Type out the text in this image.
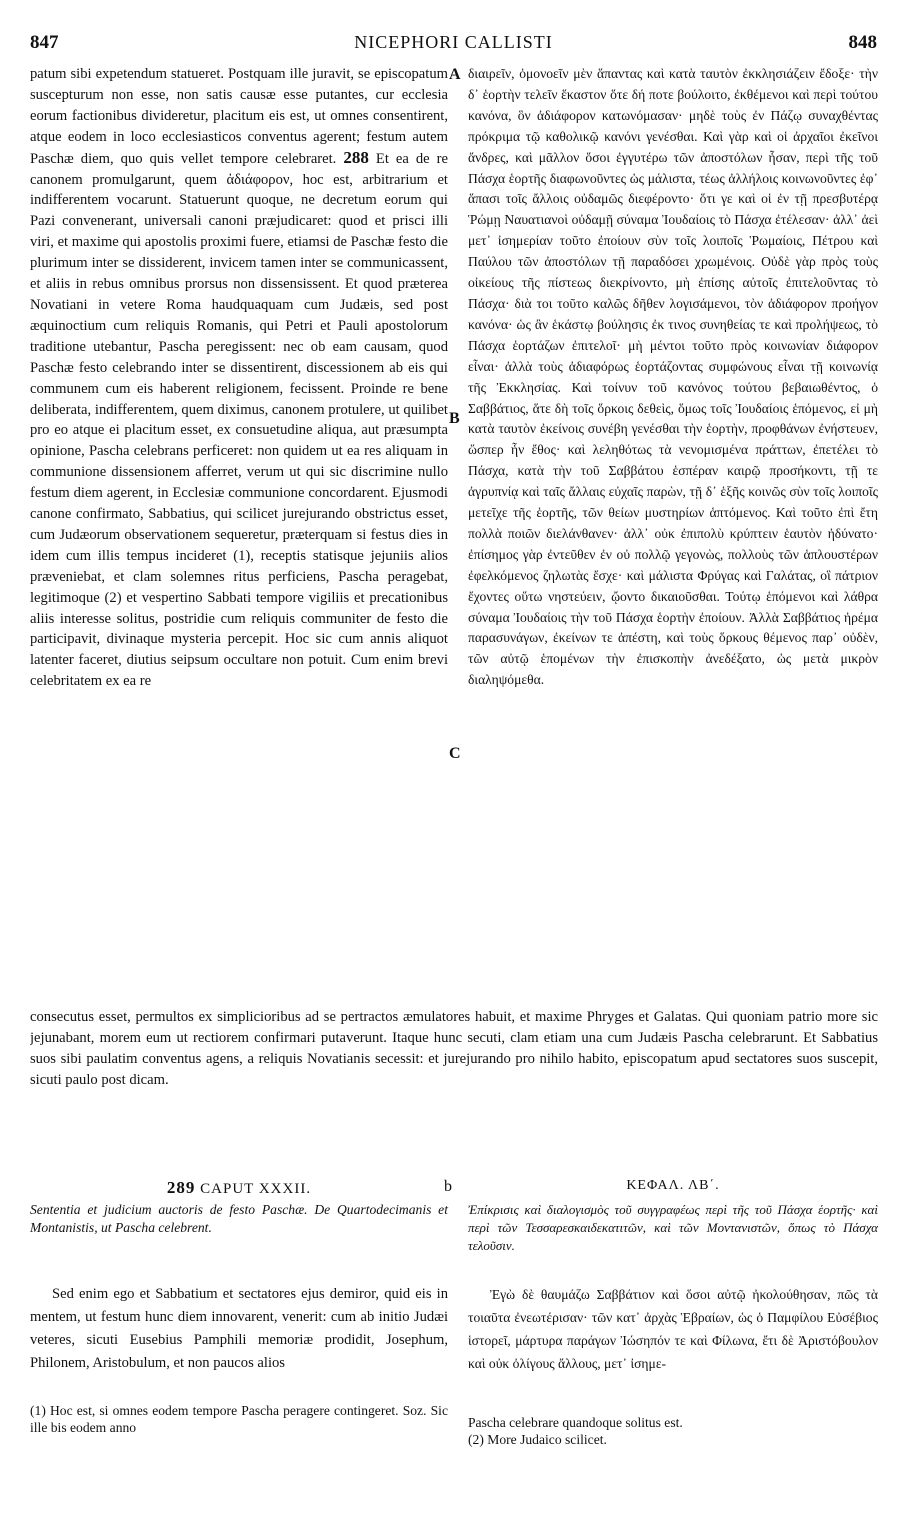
847	NICEPHORI CALLISTI	848

patum sibi expetendum statueret. Postquam ille juravit, se episcopatum suscepturum non esse, non satis causæ esse putantes, cur ecclesia eorum factionibus divideretur, placitum eis est, ut omnes consentirent, atque eodem in loco ecclesiasticos conventus agerent; festum autem Paschæ diem, quo quis vellet tempore celebraret. 288 Et ea de re canonem promulgarunt, quem ἀδιάφορον, hoc est, arbitrarium et indifferentem vocarunt. Statuerunt quoque, ne decretum eorum qui Pazi convenerant, universali canoni præjudicaret: quod et prisci illi viri, et maxime qui apostolis proximi fuere, etiamsi de Paschæ festo die plurimum inter se dissiderent, invicem tamen inter se communicassent, et aliis in rebus omnibus prorsus non dissensissent. Et quod præterea Novatiani in vetere Roma haudquaquam cum Judæis, sed post æquinoctium cum reliquis Romanis, qui Petri et Pauli apostolorum traditione utebantur, Pascha peregissent: nec ob eam causam, quod Paschæ festo celebrando inter se dissentirent, discessionem ab eis qui communem cum eis haberent religionem, fecissent. Proinde re bene deliberata, indifferentem, quem diximus, canonem protulere, ut quilibet pro eo atque ei placitum esset, ex consuetudine aliqua, aut præsumpta opinione, Pascha celebrans perficeret: non quidem ut ea res aliquam in communione dissensionem afferret, verum ut qui sic discrimine nullo festum diem agerent, in Ecclesiæ communione concordarent. Ejusmodi canone confirmato, Sabbatius, qui scilicet jurejurando obstrictus esset, cum Judæorum observationem sequeretur, præterquam si festus dies in idem cum illis tempus incideret (1), receptis statisque jejuniis alios præveniebat, et clam solemnes ritus perficiens, Pascha peragebat, legitimoque (2) et vespertino Sabbati tempore vigiliis et precationibus aliis interesse solitus, postridie cum reliquis communiter de festo die participavit, divinaque mysteria percepit. Hoc sic cum annis aliquot latenter faceret, diutius seipsum occultare non potuit. Cum enim brevi celebritatem ex ea re

A
B
C

διαιρεῖν, ὁμονοεῖν μὲν ἅπαντας καὶ κατὰ ταυτὸν ἐκκλησιάζειν ἔδοξε· τὴν δ᾽ ἑορτὴν τελεῖν ἕκαστον ὅτε δή ποτε βούλοιτο, ἐκθέμενοι καὶ περὶ τούτου κανόνα, ὃν ἀδιάφορον κατωνόμασαν· μηδὲ τοὺς ἐν Πάζῳ συναχθέντας πρόκριμα τῷ καθολικῷ κανόνι γενέσθαι. Καὶ γὰρ καὶ οἱ ἀρχαῖοι ἐκεῖνοι ἄνδρες, καὶ μᾶλλον ὅσοι ἐγγυτέρω τῶν ἀποστόλων ἦσαν, περὶ τῆς τοῦ Πάσχα ἑορτῆς διαφωνοῦντες ὡς μάλιστα, τέως ἀλλήλοις κοινωνοῦντες ἐφ᾽ ἅπασι τοῖς ἄλλοις οὐδαμῶς διεφέροντο· ὅτι γε καὶ οἱ ἐν τῇ πρεσβυτέρᾳ Ῥώμῃ Ναυατιανοὶ οὐδαμῇ σύναμα Ἰουδαίοις τὸ Πάσχα ἐτέλεσαν· ἀλλ᾽ ἀεὶ μετ᾽ ἰσημερίαν τοῦτο ἐποίουν σὺν τοῖς λοιποῖς Ῥωμαίοις, Πέτρου καὶ Παύλου τῶν ἀποστόλων τῇ παραδόσει χρωμένοις. Οὐδὲ γὰρ πρὸς τοὺς οἰκείους τῆς πίστεως διεκρίνοντο, μὴ ἐπίσης αὐτοῖς ἐπιτελοῦντας τὸ Πάσχα· διὰ τοι τοῦτο καλῶς δῆθεν λογισάμενοι, τὸν ἀδιάφορον προήγον κανόνα· ὡς ἂν ἑκάστῳ βούλησις ἐκ τινος συνηθείας τε καὶ προλήψεως, τὸ Πάσχα ἑορτάζων ἐπιτελοῖ· μὴ μέντοι τοῦτο πρὸς κοινωνίαν διάφορον εἶναι· ἀλλὰ τοὺς ἀδιαφόρως ἑορτάζοντας συμφώνους εἶναι τῇ κοινωνίᾳ τῆς Ἐκκλησίας. Καὶ τοίνυν τοῦ κανόνος τούτου βεβαιωθέντος, ὁ Σαββάτιος, ἅτε δὴ τοῖς ὅρκοις δεθεὶς, ὅμως τοῖς Ἰουδαίοις ἑπόμενος, εἰ μὴ κατὰ ταυτὸν ἐκείνοις συνέβη γενέσθαι τὴν ἑορτὴν, προφθάνων ἐνήστευεν, ὥσπερ ἦν ἔθος· καὶ λεληθότως τὰ νενομισμένα πράττων, ἐπετέλει τὸ Πάσχα, κατὰ τὴν τοῦ Σαββάτου ἑσπέραν καιρῷ προσήκοντι, τῇ τε ἀγρυπνίᾳ καὶ ταῖς ἄλλαις εὐχαῖς παρὼν, τῇ δ᾽ ἑξῆς κοινῶς σὺν τοῖς λοιποῖς μετεῖχε τῆς ἑορτῆς, τῶν θείων μυστηρίων ἁπτόμενος. Καὶ τοῦτο ἐπὶ ἔτη πολλὰ ποιῶν διελάνθανεν· ἀλλ᾽ οὐκ ἐπιπολὺ κρύπτειν ἑαυτὸν ἠδύνατο· ἐπίσημος γὰρ ἐντεῦθεν ἐν οὐ πολλῷ γεγονὼς, πολλοὺς τῶν ἁπλουστέρων ἐφελκόμενος ζηλωτὰς ἔσχε· καὶ μάλιστα Φρύγας καὶ Γαλάτας, οἳ πάτριον ἔχοντες οὕτω νηστεύειν, ᾤοντο δικαιοῦσθαι. Τούτῳ ἑπόμενοι καὶ λάθρα σύναμα Ἰουδαίοις τὴν τοῦ Πάσχα ἑορτὴν ἐποίουν. Ἀλλὰ Σαββάτιος ἠρέμα παρασυνάγων, ἐκείνων τε ἀπέστη, καὶ τοὺς ὅρκους θέμενος παρ᾽ οὐδὲν, τῶν αὐτῷ ἑπομένων τὴν ἐπισκοπὴν ἀνεδέξατο, ὡς μετὰ μικρὸν διαληψόμεθα.

consecutus esset, permultos ex simplicioribus ad se pertractos æmulatores habuit, et maxime Phryges et Galatas. Qui quoniam patrio more sic jejunabant, morem eum ut rectiorem confirmari putaverunt. Itaque hunc secuti, clam etiam una cum Judæis Pascha celebrarunt. Et Sabbatius suos sibi paulatim conventus agens, a reliquis Novatianis secessit: et jurejurando pro nihilo habito, episcopatum apud sectatores suos suscepit, sicuti paulo post dicam.

289 CAPUT XXXII.	b	ΚΕΦΑΛ. ΛΒ΄.
Sententia et judicium auctoris de festo Paschæ. De Quartodecimanis et Montanistis, ut Pascha celebrent.
Ἐπίκρισις καὶ διαλογισμὸς τοῦ συγγραφέως περὶ τῆς τοῦ Πάσχα ἑορτῆς· καὶ περὶ τῶν Τεσσαρεσκαιδεκατιτῶν, καὶ τῶν Μοντανιστῶν, ὅπως τὸ Πάσχα τελοῦσιν.
Sed enim ego et Sabbatium et sectatores ejus demiror, quid eis in mentem, ut festum hunc diem innovarent, venerit: cum ab initio Judæi veteres, sicuti Eusebius Pamphili memoriæ prodidit, Josephum, Philonem, Aristobulum, et non paucos alios
Ἐγὼ δὲ θαυμάζω Σαββάτιον καὶ ὅσοι αὐτῷ ἠκολούθησαν, πῶς τὰ τοιαῦτα ἐνεωτέρισαν· τῶν κατ᾽ ἀρχὰς Ἑβραίων, ὡς ὁ Παμφίλου Εὐσέβιος ἱστορεῖ, μάρτυρα παράγων Ἰώσηπόν τε καὶ Φίλωνα, ἔτι δὲ Ἀριστόβουλον καὶ οὐκ ὀλίγους ἄλλους, μετ᾽ ἰσημε-
(1) Hoc est, si omnes eodem tempore Pascha peragere contingeret. Soz. Sic ille bis eodem anno	Pascha celebrare quandoque solitus est.
(2) More Judaico scilicet.
